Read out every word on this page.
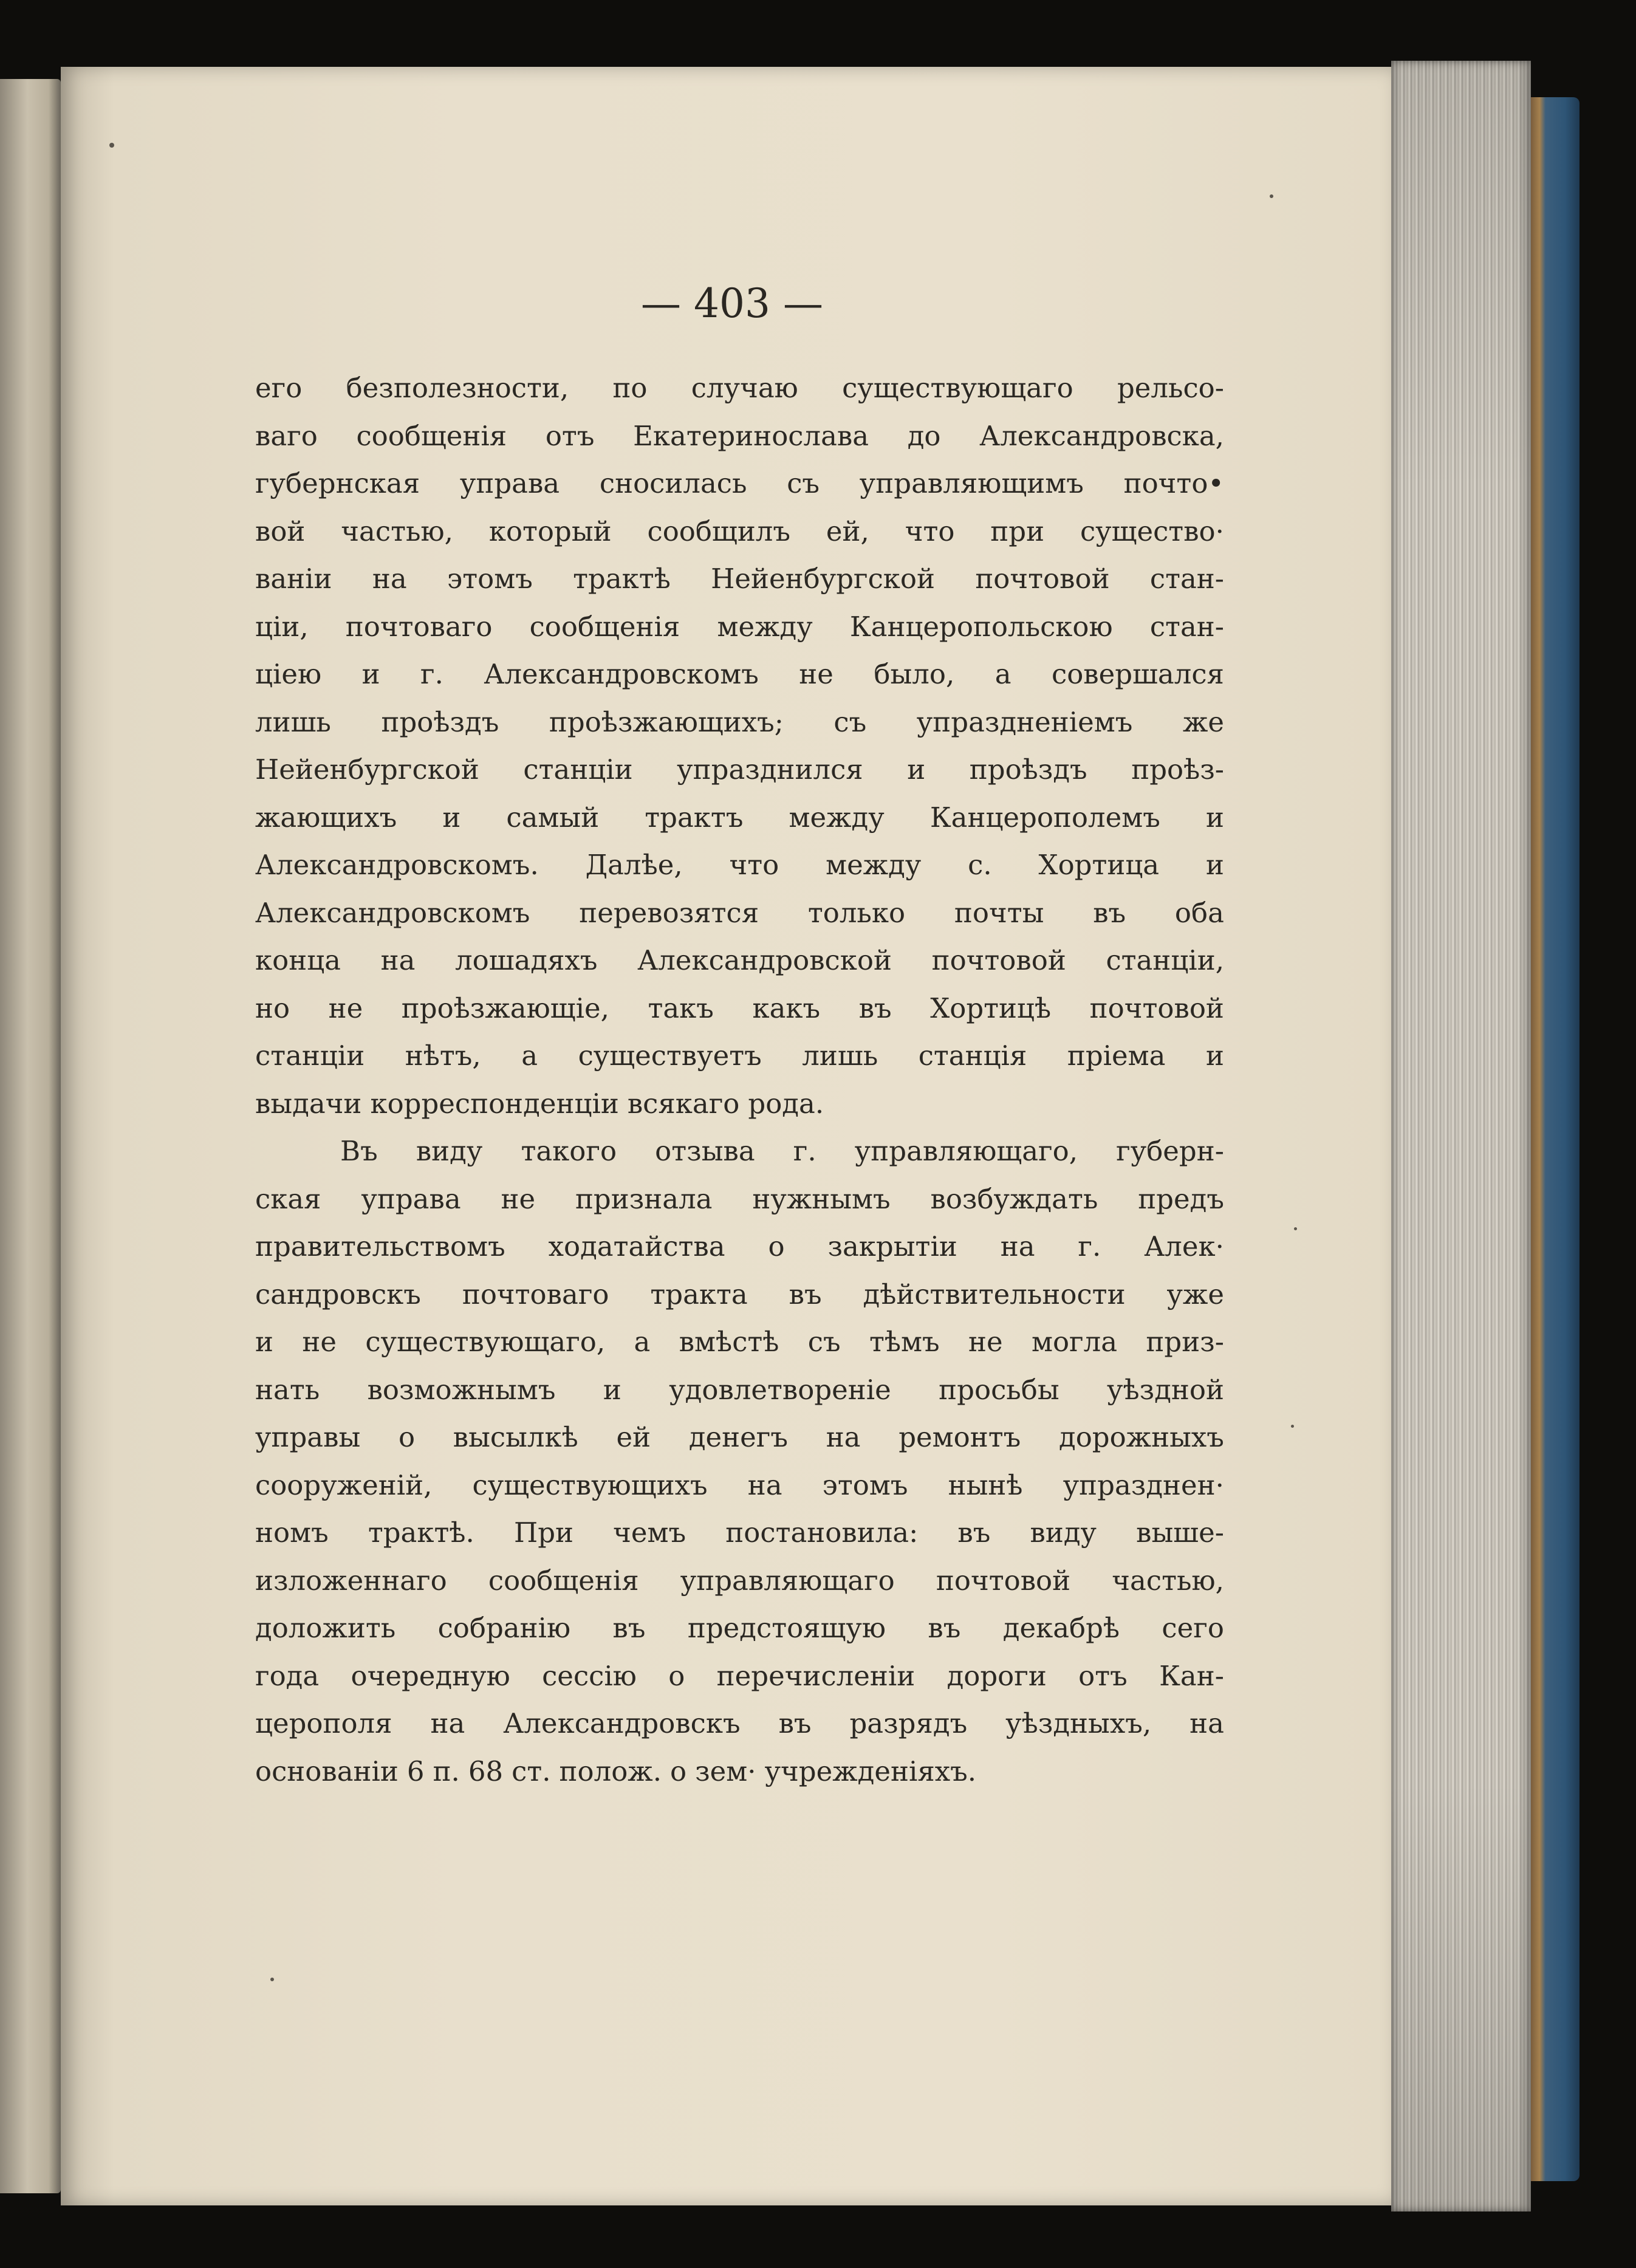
— 403 —
его безполезности, по случаю существующаго рельсо-
ваго сообщенія отъ Екатеринослава до Александровска,
губернская управа сносилась съ управляющимъ почто•
вой частью, который сообщилъ ей, что при существо·
ваніи на этомъ трактѣ Нейенбургской почтовой стан-
ціи, почтоваго сообщенія между Канцеропольскою стан-
ціею и г. Александровскомъ не было, а совершался
лишь проѣздъ проѣзжающихъ; съ упраздненіемъ же
Нейенбургской станціи упразднился и проѣздъ проѣз-
жающихъ и самый трактъ между Канцерополемъ и
Александровскомъ. Далѣе, что между с. Хортица и
Александровскомъ перевозятся только почты въ оба
конца на лошадяхъ Александровской почтовой станціи,
но не проѣзжающіе, такъ какъ въ Хортицѣ почтовой
станціи нѣтъ, а существуетъ лишь станція пріема и
выдачи корреспонденціи всякаго рода.
Въ виду такого отзыва г. управляющаго, губерн-
ская управа не признала нужнымъ возбуждать предъ
правительствомъ ходатайства о закрытіи на г. Алек·
сандровскъ почтоваго тракта въ дѣйствительности уже
и не существующаго, а вмѣстѣ съ тѣмъ не могла приз-
нать возможнымъ и удовлетвореніе просьбы уѣздной
управы о высылкѣ ей денегъ на ремонтъ дорожныхъ
сооруженій, существующихъ на этомъ нынѣ упразднен·
номъ трактѣ. При чемъ постановила: въ виду выше-
изложеннаго сообщенія управляющаго почтовой частью,
доложить собранію въ предстоящую въ декабрѣ сего
года очередную сессію о перечисленіи дороги отъ Кан-
церополя на Александровскъ въ разрядъ уѣздныхъ, на
основаніи 6 п. 68 ст. полож. о зем· учрежденіяхъ.
